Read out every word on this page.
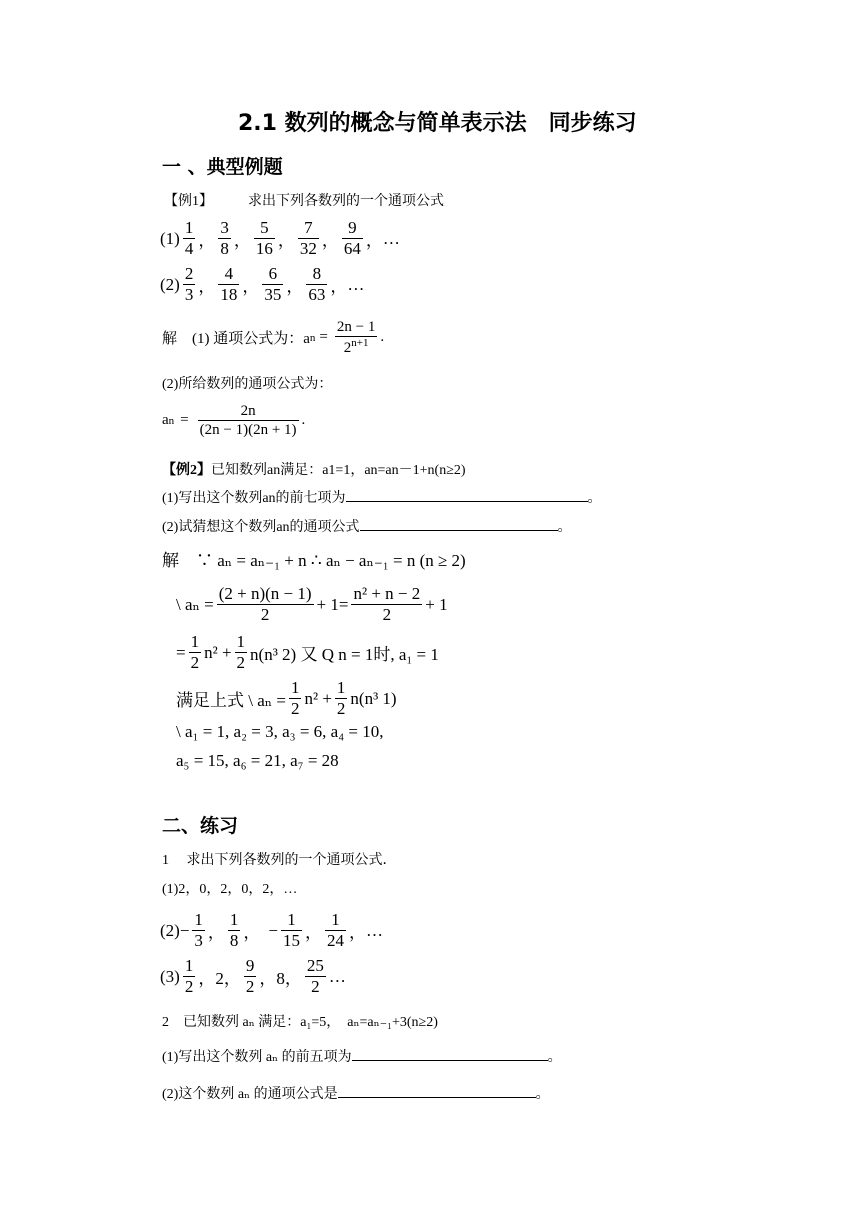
2.1 数列的概念与简单表示法　同步练习
一 、典型例题
【例1】	求出下列各数列的一个通项公式
$(1) \frac{1}{4}$ ， $\frac{3}{8}$ ， $\frac{5}{16}$ ， $\frac{7}{32}$ ， $\frac{9}{64}$ ， …
$(2) \frac{2}{3}$ ， $\frac{4}{18}$ ， $\frac{6}{35}$ ， $\frac{8}{63}$ ， …
解　(1) 通项公式为：a $n = \frac{2n - 1}{2^{n+1}}$ .
(2)所给数列的通项公式为：
a $n = \frac{2n}{(2n - 1)(2n + 1)}$ .
【例2】已知数列an满足：a1=1，an=an－1+n(n≥2)
(1)写出这个数列an的前七项为	。
(2)试猜想这个数列an的通项公式	。
解　∵ aₙ = aₙ₋₁ + n ∴ aₙ − aₙ₋₁ = n (n ≥ 2)
\ $a_n = \frac{(2 + n)(n - 1)}{2} + 1= \frac{\text{n² + n − 2}}{2} + 1$
= $\frac{1}{2} n^2 + \frac{1}{2} n(n^3$ 2) 又 Q n = 1时, a₁ = 1
满足上式 \ $a_n = \frac{1}{2} n^2 + \frac{1}{2} n(n^3$ 1)
\ a₁ = 1, a₂ = 3, a₃ = 6, a₄ = 10,
a₅ = 15, a₆ = 21, a₇ = 28
二、练习
1　 求出下列各数列的一个通项公式．
(1)2，0，2，0，2，…
$(2) - \frac{1}{3}$ ， $\frac{1}{8}$ ， − $\frac{1}{15}$ ， $\frac{1}{24}$ ， …
$(3) \frac{1}{2}$ ，2， $\frac{9}{2}$ ，8， $\frac{25}{2}$ …
2　已知数列 aₙ 满足：a₁=5，　aₙ=aₙ₋₁+3(n≥2)
(1)写出这个数列 aₙ 的前五项为	。
(2)这个数列 aₙ 的通项公式是	。
